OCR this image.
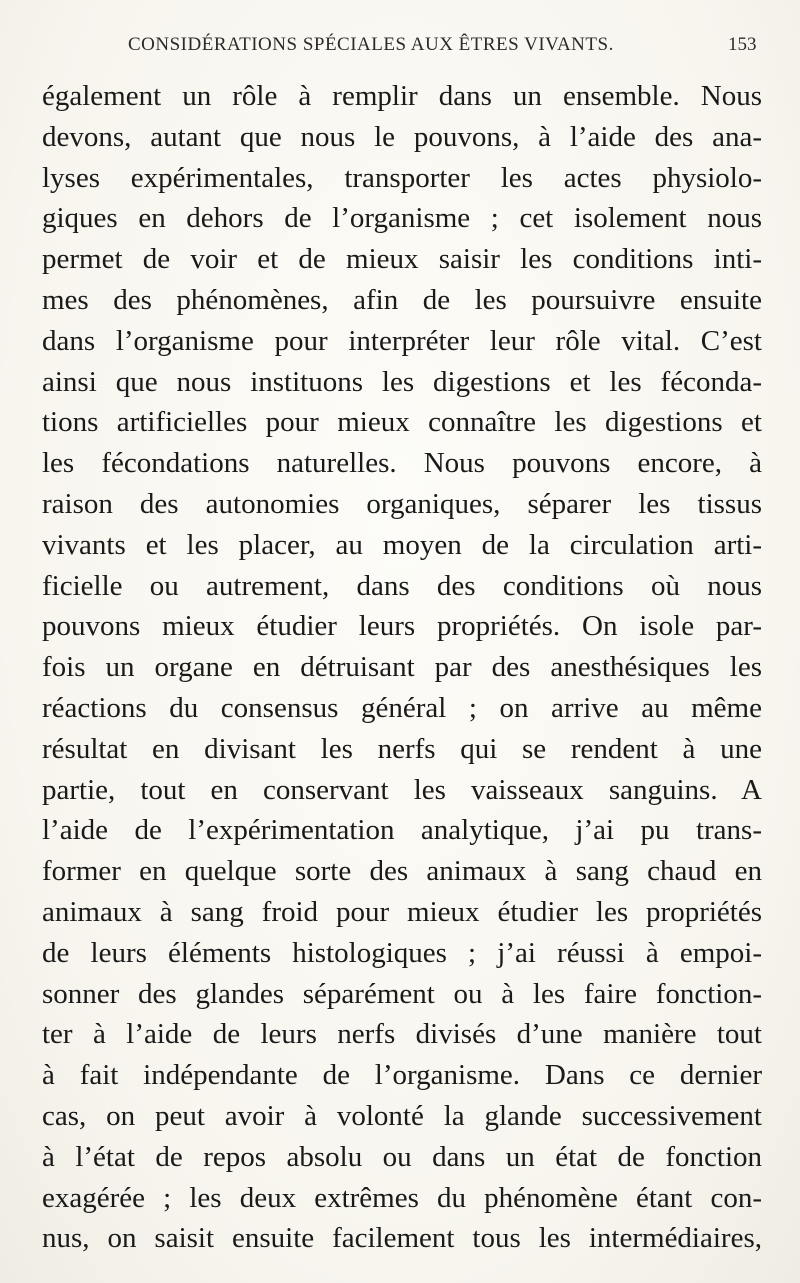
CONSIDÉRATIONS SPÉCIALES AUX ÊTRES VIVANTS.	153
également un rôle à remplir dans un ensemble. Nous
devons, autant que nous le pouvons, à l’aide des ana-
lyses expérimentales, transporter les actes physiolo-
giques en dehors de l’organisme ; cet isolement nous
permet de voir et de mieux saisir les conditions inti-
mes des phénomènes, afin de les poursuivre ensuite
dans l’organisme pour interpréter leur rôle vital. C’est
ainsi que nous instituons les digestions et les féconda-
tions artificielles pour mieux connaître les digestions et
les fécondations naturelles. Nous pouvons encore, à
raison des autonomies organiques, séparer les tissus
vivants et les placer, au moyen de la circulation arti-
ficielle ou autrement, dans des conditions où nous
pouvons mieux étudier leurs propriétés. On isole par-
fois un organe en détruisant par des anesthésiques les
réactions du consensus général ; on arrive au même
résultat en divisant les nerfs qui se rendent à une
partie, tout en conservant les vaisseaux sanguins. A
l’aide de l’expérimentation analytique, j’ai pu trans-
former en quelque sorte des animaux à sang chaud en
animaux à sang froid pour mieux étudier les propriétés
de leurs éléments histologiques ; j’ai réussi à empoi-
sonner des glandes séparément ou à les faire fonction-
ter à l’aide de leurs nerfs divisés d’une manière tout
à fait indépendante de l’organisme. Dans ce dernier
cas, on peut avoir à volonté la glande successivement
à l’état de repos absolu ou dans un état de fonction
exagérée ; les deux extrêmes du phénomène étant con-
nus, on saisit ensuite facilement tous les intermédiaires,
